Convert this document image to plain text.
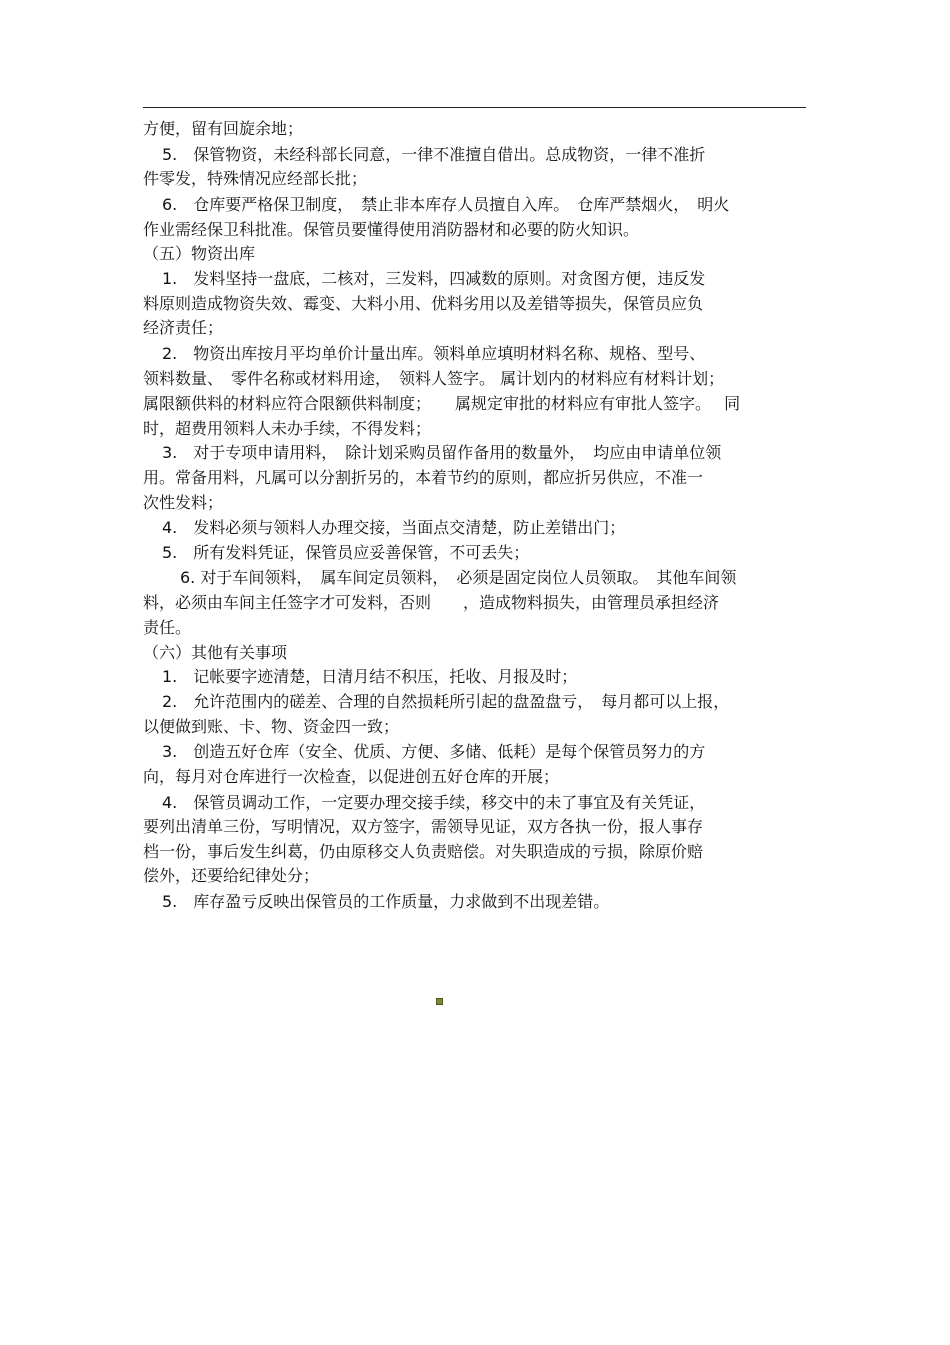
方便，留有回旋余地；
5.　保管物资，未经科部长同意，一律不准擅自借出。总成物资，一律不准折
件零发，特殊情况应经部长批；
6.　仓库要严格保卫制度，　禁止非本库存人员擅自入库。　仓库严禁烟火，　明火
作业需经保卫科批准。保管员要懂得使用消防器材和必要的防火知识。
（五）物资出库
1.　发料坚持一盘底，二核对，三发料，四减数的原则。对贪图方便，违反发
料原则造成物资失效、霉变、大料小用、优料劣用以及差错等损失，保管员应负
经济责任；
2.　物资出库按月平均单价计量出库。领料单应填明材料名称、规格、型号、
领料数量、　零件名称或材料用途，　领料人签字。 属计划内的材料应有材料计划；
属限额供料的材料应符合限额供料制度；　　属规定审批的材料应有审批人签字。　 同
时，超费用领料人未办手续，不得发料；
3.　对于专项申请用料，　除计划采购员留作备用的数量外，　均应由申请单位领
用。常备用料，凡属可以分割折另的，本着节约的原则，都应折另供应，不准一
次性发料；
4.　发料必须与领料人办理交接，当面点交清楚，防止差错出门；
5.　所有发料凭证，保管员应妥善保管，不可丢失；
6. 对于车间领料，　属车间定员领料，　必须是固定岗位人员领取。　其他车间领
料，必须由车间主任签字才可发料，否则　　，造成物料损失，由管理员承担经济
责任。
（六）其他有关事项
1.　记帐要字迹清楚，日清月结不积压，托收、月报及时；
2.　允许范围内的磋差、合理的自然损耗所引起的盘盈盘亏，　每月都可以上报，
以便做到账、卡、物、资金四一致；
3.　创造五好仓库（安全、优质、方便、多储、低耗）是每个保管员努力的方
向，每月对仓库进行一次检查，以促进创五好仓库的开展；
4.　保管员调动工作，一定要办理交接手续，移交中的未了事宜及有关凭证，
要列出清单三份，写明情况，双方签字，需领导见证，双方各执一份，报人事存
档一份，事后发生纠葛，仍由原移交人负责赔偿。对失职造成的亏损，除原价赔
偿外，还要给纪律处分；
5.　库存盈亏反映出保管员的工作质量，力求做到不出现差错。
